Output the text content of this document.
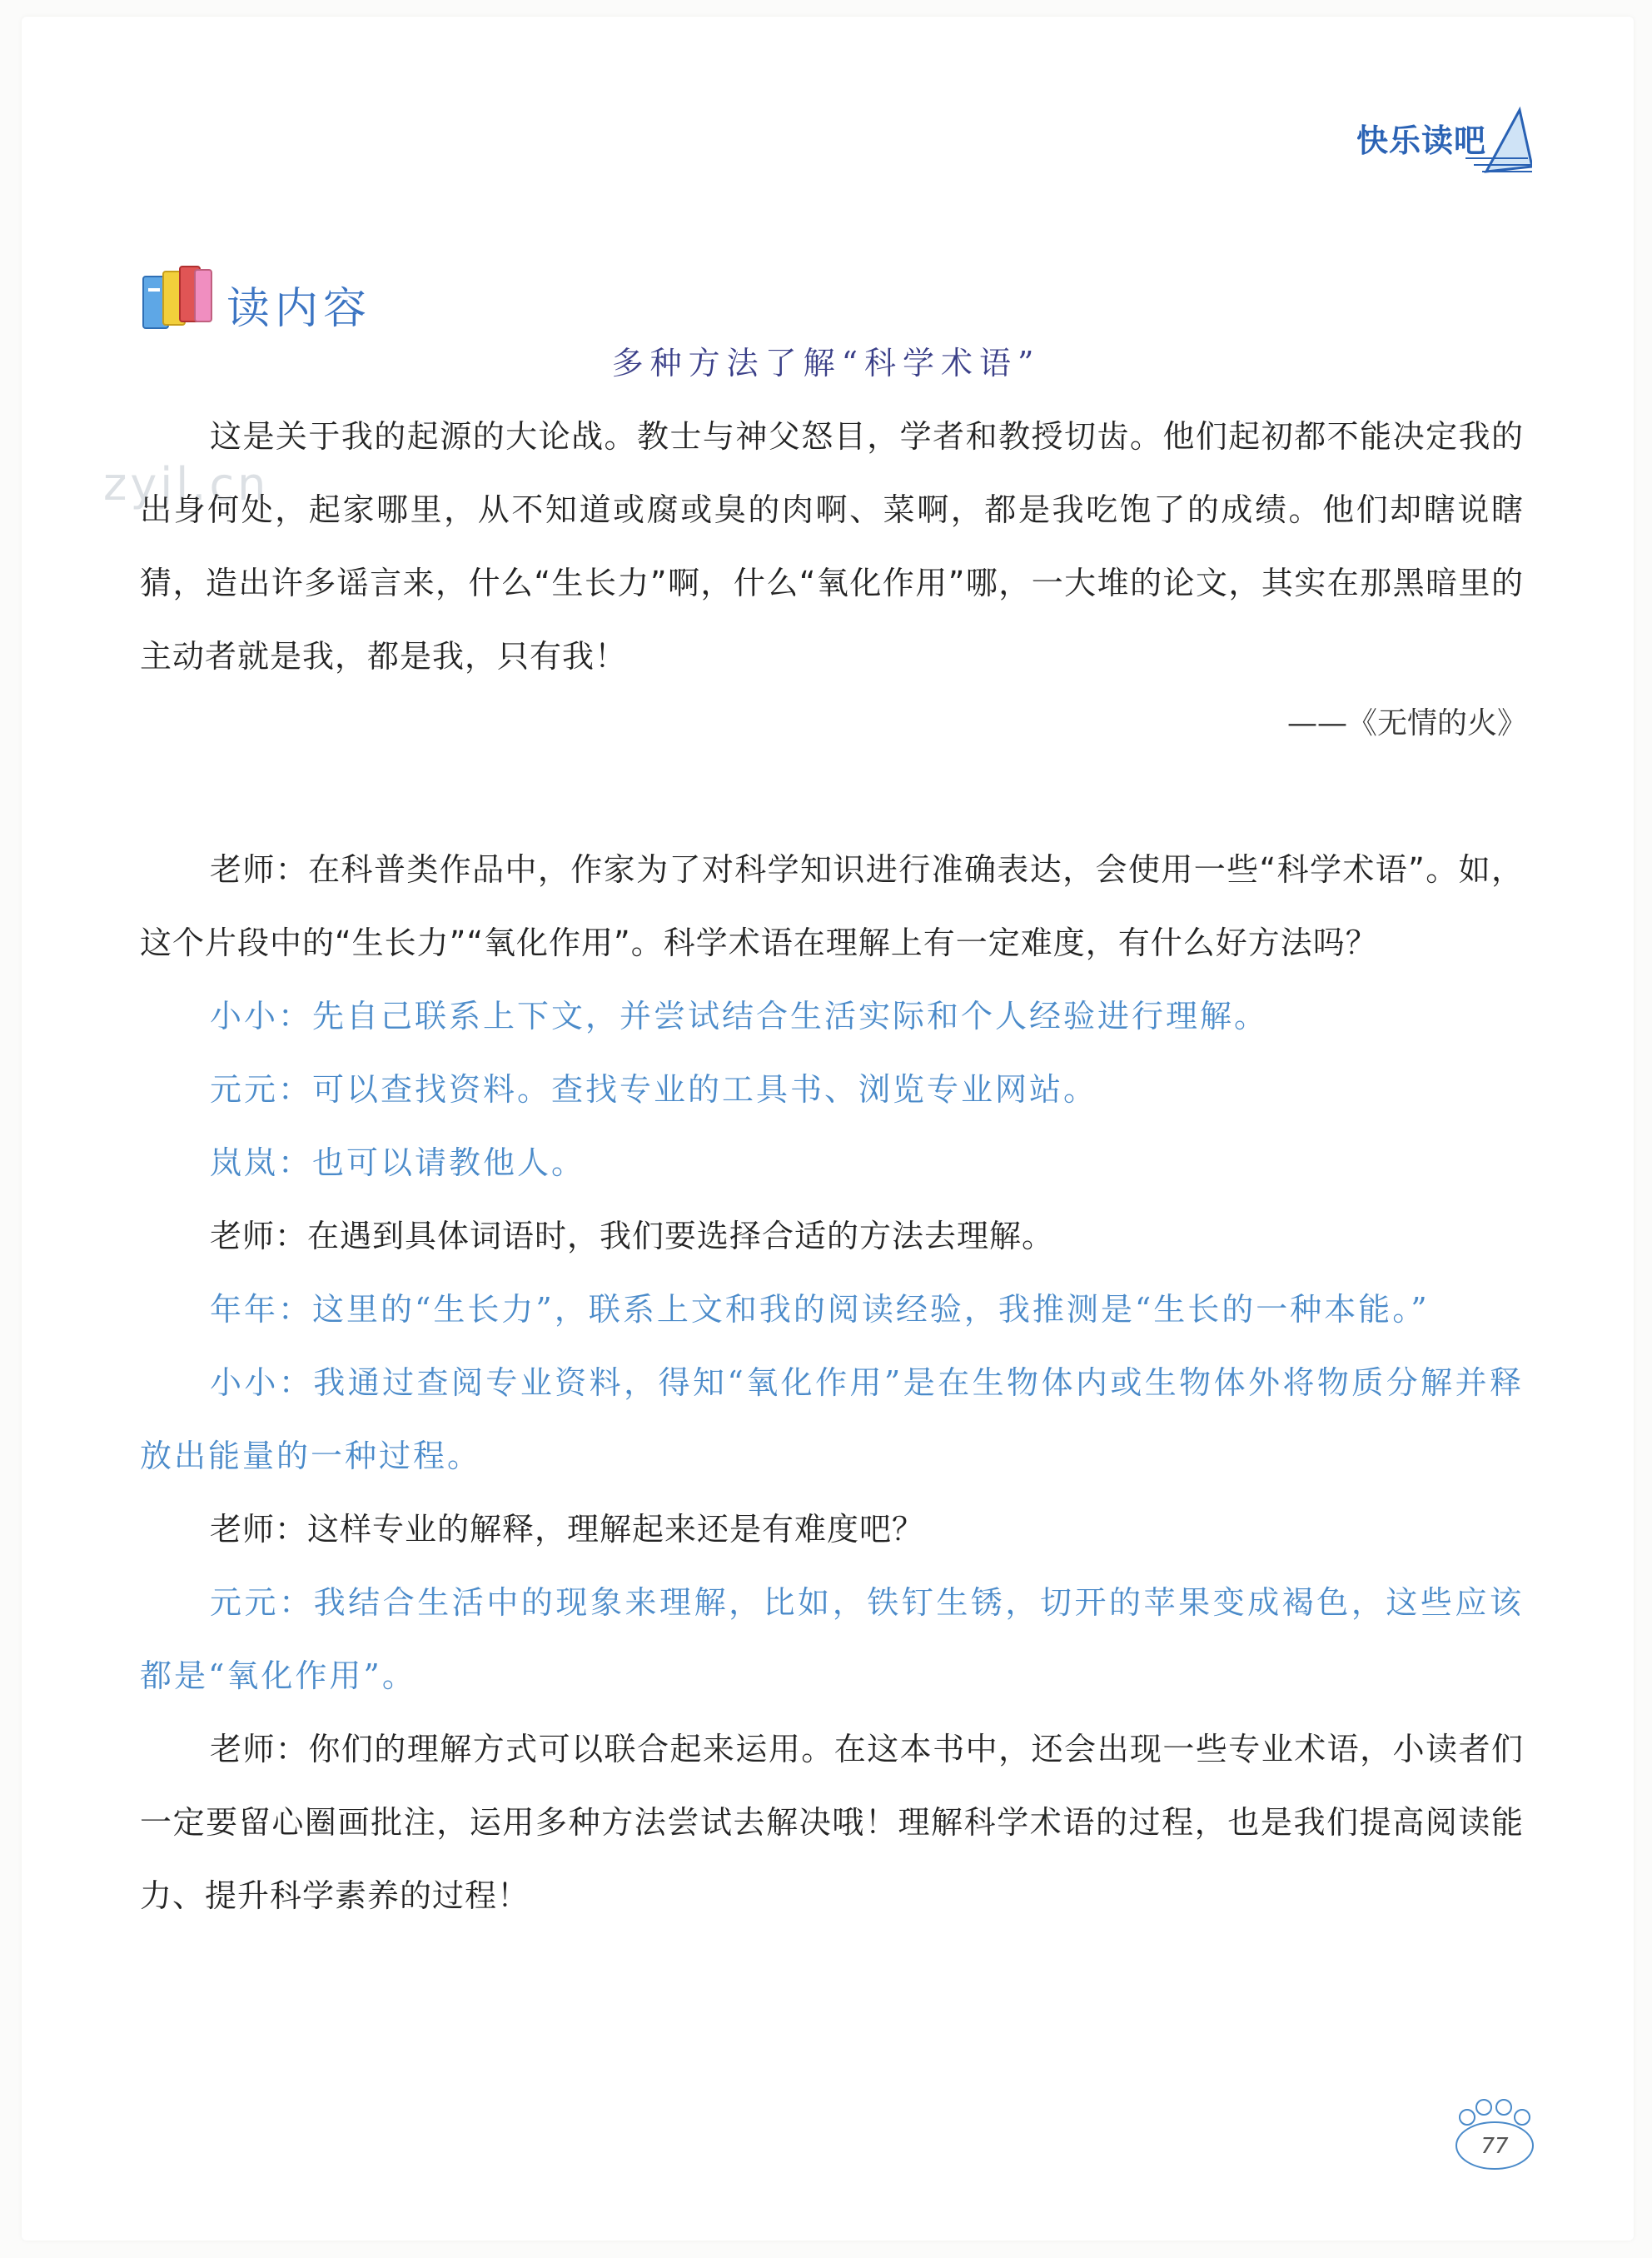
zyjl.cn
快乐读吧
读内容
多种方法了解“科学术语”

这是关于我的起源的大论战。教士与神父怒目，学者和教授切齿。他们起初都不能决定我的出身何处，起家哪里，从不知道或腐或臭的肉啊、菜啊，都是我吃饱了的成绩。他们却瞎说瞎猜，造出许多谣言来，什么“生长力”啊，什么“氧化作用”哪，一大堆的论文，其实在那黑暗里的主动者就是我，都是我，只有我！

——《无情的火》

老师：在科普类作品中，作家为了对科学知识进行准确表达，会使用一些“科学术语”。如，这个片段中的“生长力”“氧化作用”。科学术语在理解上有一定难度，有什么好方法吗？

小小：先自己联系上下文，并尝试结合生活实际和个人经验进行理解。

元元：可以查找资料。查找专业的工具书、浏览专业网站。

岚岚：也可以请教他人。

老师：在遇到具体词语时，我们要选择合适的方法去理解。

年年：这里的“生长力”，联系上文和我的阅读经验，我推测是“生长的一种本能。”

小小：我通过查阅专业资料，得知“氧化作用”是在生物体内或生物体外将物质分解并释放出能量的一种过程。

老师：这样专业的解释，理解起来还是有难度吧？

元元：我结合生活中的现象来理解，比如，铁钉生锈，切开的苹果变成褐色，这些应该都是“氧化作用”。

老师：你们的理解方式可以联合起来运用。在这本书中，还会出现一些专业术语，小读者们一定要留心圈画批注，运用多种方法尝试去解决哦！理解科学术语的过程，也是我们提高阅读能力、提升科学素养的过程！

77
